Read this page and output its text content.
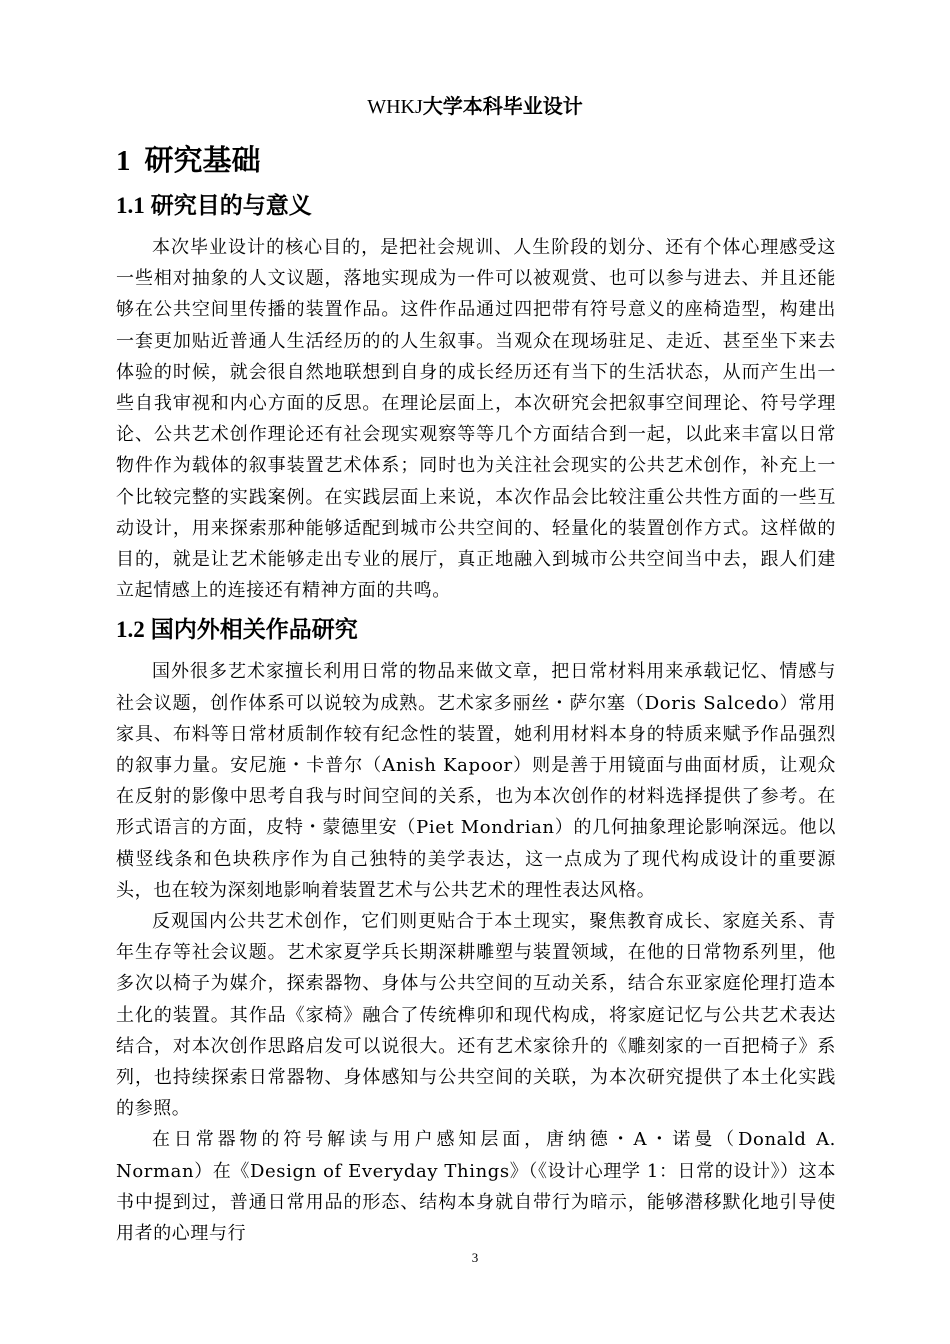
WHKJ大学本科毕业设计
1 研究基础
1.1 研究目的与意义

本次毕业设计的核心目的，是把社会规训、人生阶段的划分、还有个体心理感受这一些相对抽象的人文议题，落地实现成为一件可以被观赏、也可以参与进去、并且还能够在公共空间里传播的装置作品。这件作品通过四把带有符号意义的座椅造型，构建出一套更加贴近普通人生活经历的的人生叙事。当观众在现场驻足、走近、甚至坐下来去体验的时候，就会很自然地联想到自身的成长经历还有当下的生活状态，从而产生出一些自我审视和内心方面的反思。在理论层面上，本次研究会把叙事空间理论、符号学理论、公共艺术创作理论还有社会现实观察等等几个方面结合到一起，以此来丰富以日常物件作为载体的叙事装置艺术体系；同时也为关注社会现实的公共艺术创作，补充上一个比较完整的实践案例。在实践层面上来说，本次作品会比较注重公共性方面的一些互动设计，用来探索那种能够适配到城市公共空间的、轻量化的装置创作方式。这样做的目的，就是让艺术能够走出专业的展厅，真正地融入到城市公共空间当中去，跟人们建立起情感上的连接还有精神方面的共鸣。

1.2 国内外相关作品研究

国外很多艺术家擅长利用日常的物品来做文章，把日常材料用来承载记忆、情感与社会议题，创作体系可以说较为成熟。艺术家多丽丝・萨尔塞（Doris Salcedo）常用家具、布料等日常材质制作较有纪念性的装置，她利用材料本身的特质来赋予作品强烈的叙事力量。安尼施・卡普尔（Anish Kapoor）则是善于用镜面与曲面材质，让观众在反射的影像中思考自我与时间空间的关系，也为本次创作的材料选择提供了参考。在形式语言的方面，皮特・蒙德里安（Piet Mondrian）的几何抽象理论影响深远。他以横竖线条和色块秩序作为自己独特的美学表达，这一点成为了现代构成设计的重要源头，也在较为深刻地影响着装置艺术与公共艺术的理性表达风格。

反观国内公共艺术创作，它们则更贴合于本土现实，聚焦教育成长、家庭关系、青年生存等社会议题。艺术家夏学兵长期深耕雕塑与装置领域，在他的日常物系列里，他多次以椅子为媒介，探索器物、身体与公共空间的互动关系，结合东亚家庭伦理打造本土化的装置。其作品《家椅》融合了传统榫卯和现代构成，将家庭记忆与公共艺术表达结合，对本次创作思路启发可以说很大。还有艺术家徐升的《雕刻家的一百把椅子》系列，也持续探索日常器物、身体感知与公共空间的关联，为本次研究提供了本土化实践的参照。

在日常器物的符号解读与用户感知层面，唐纳德・A・诺曼（Donald A. Norman）在《Design of Everyday Things》（《设计心理学 1：日常的设计》）这本书中提到过，普通日常用品的形态、结构本身就自带行为暗示，能够潜移默化地引导使用者的心理与行

3
